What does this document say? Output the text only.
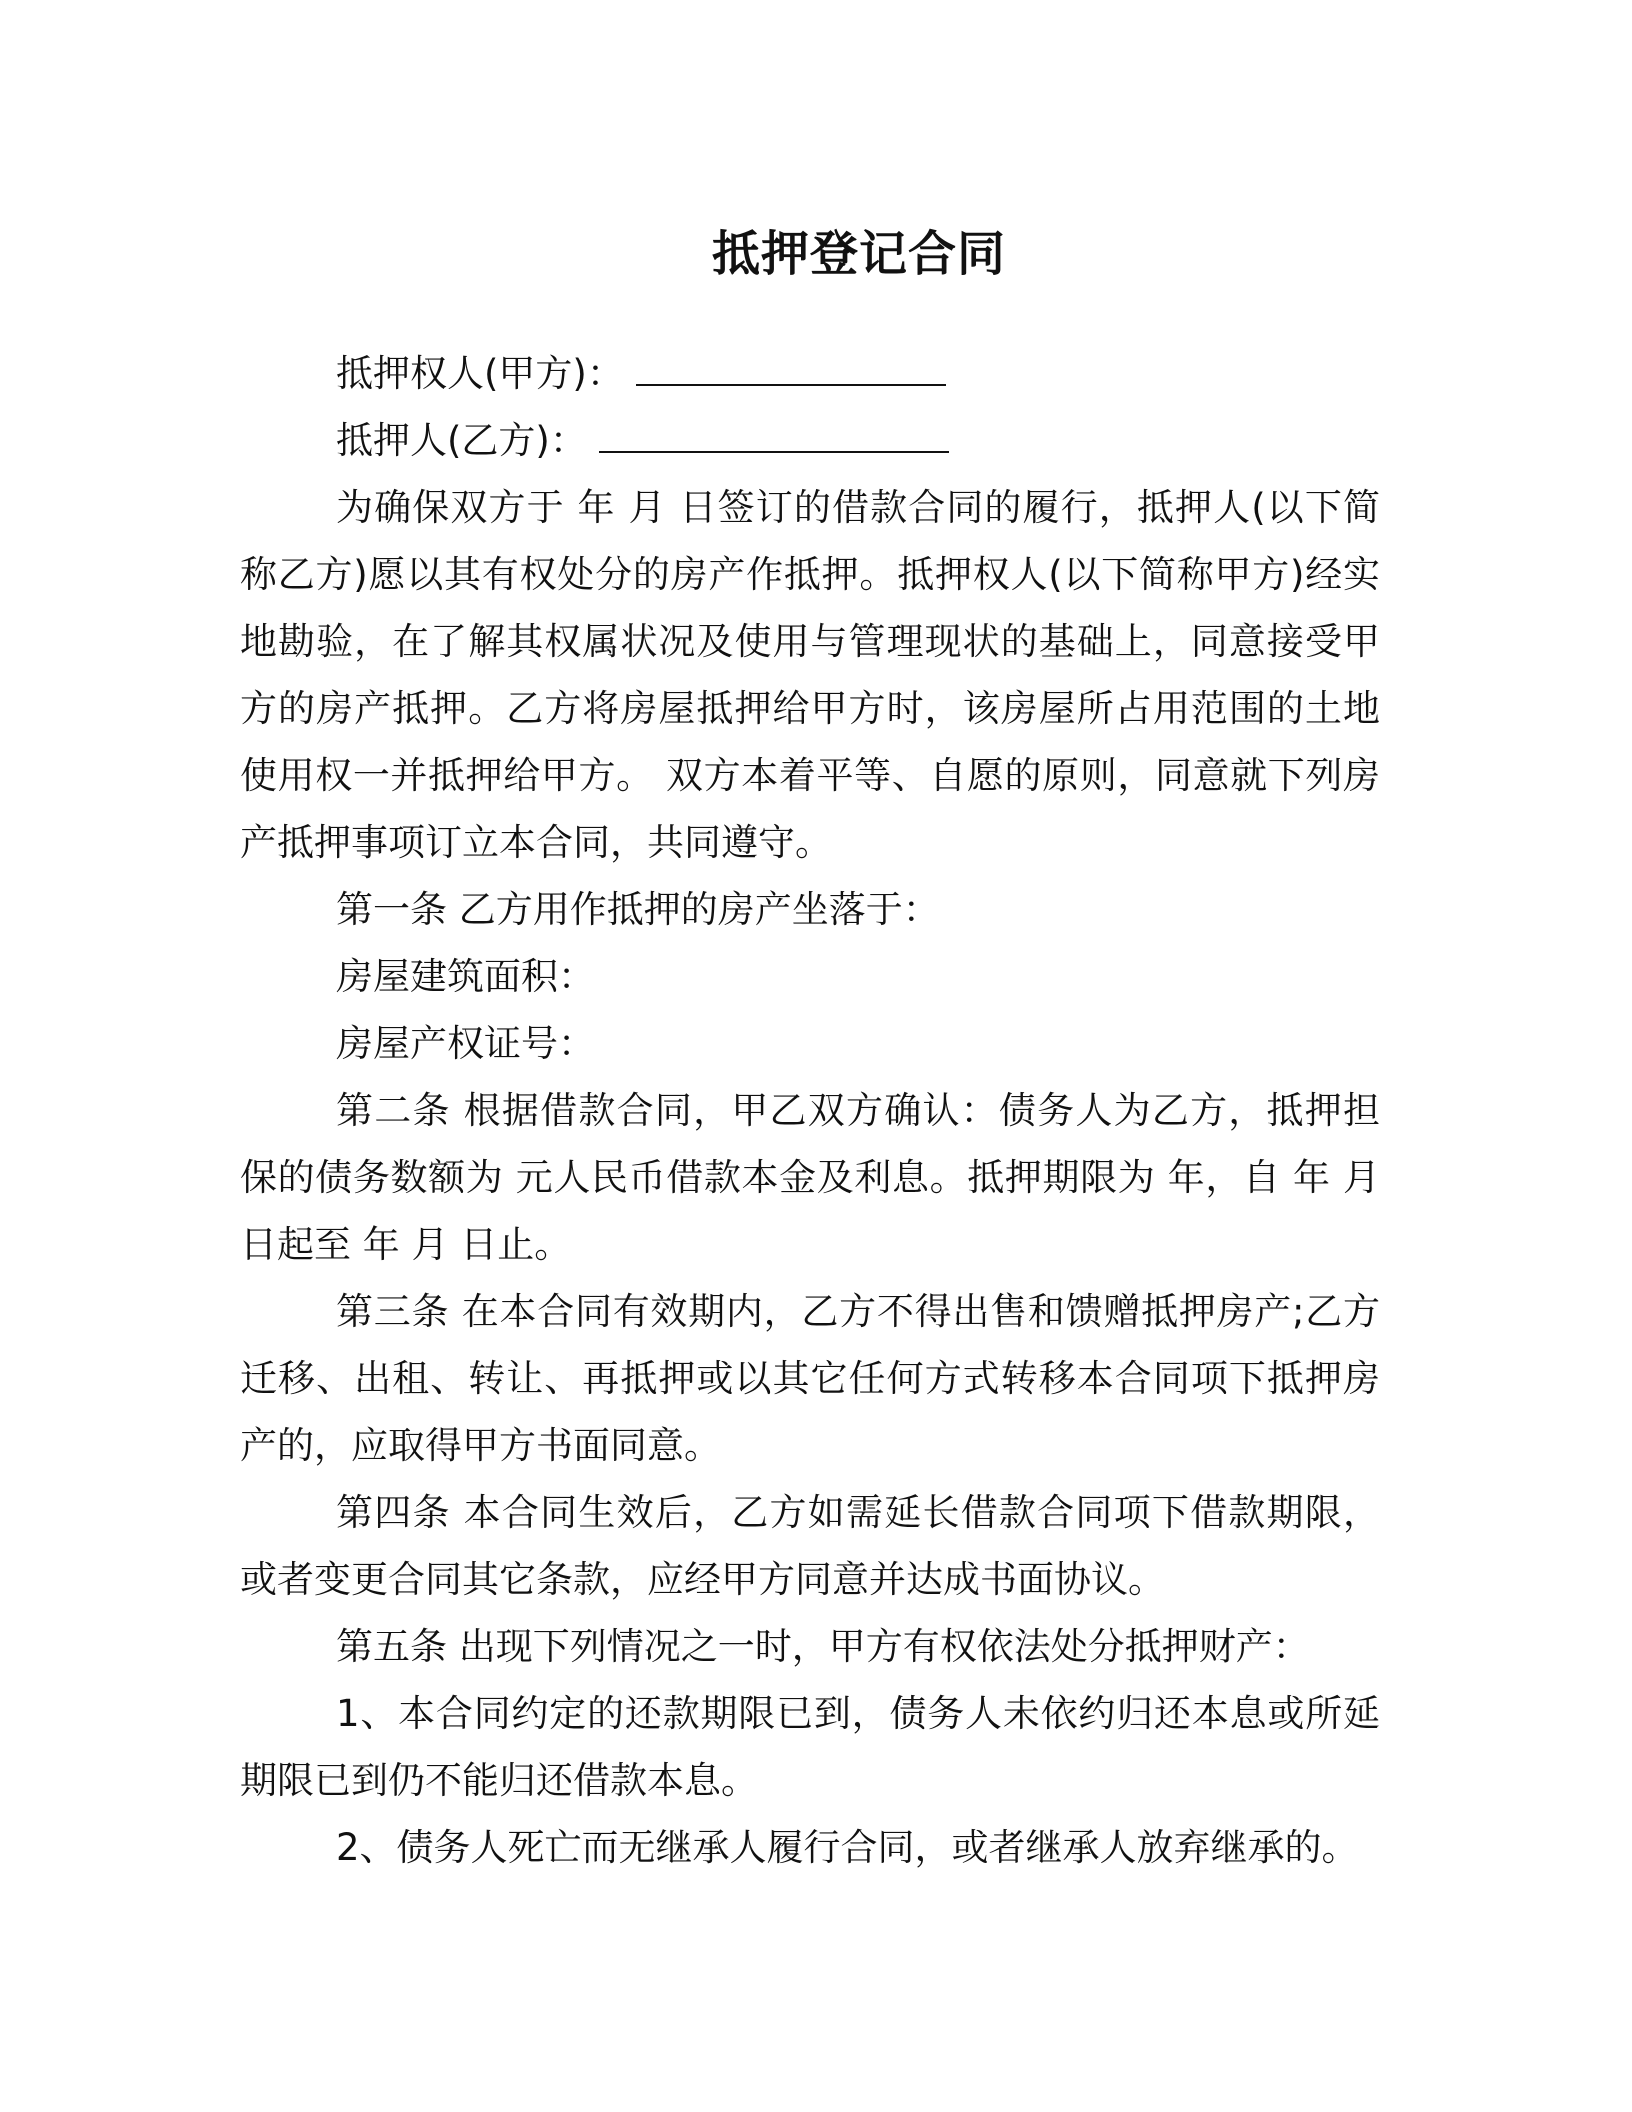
抵押登记合同

抵押权人(甲方)：

抵押人(乙方)：

为确保双方于 年 月 日签订的借款合同的履行，抵押人(以下简称乙方)愿以其有权处分的房产作抵押。抵押权人(以下简称甲方)经实地勘验，在了解其权属状况及使用与管理现状的基础上，同意接受甲方的房产抵押。乙方将房屋抵押给甲方时，该房屋所占用范围的土地使用权一并抵押给甲方。 双方本着平等、自愿的原则，同意就下列房产抵押事项订立本合同，共同遵守。

第一条 乙方用作抵押的房产坐落于：

房屋建筑面积：

房屋产权证号：

第二条 根据借款合同，甲乙双方确认：债务人为乙方，抵押担保的债务数额为 元人民币借款本金及利息。抵押期限为 年，自 年 月 日起至 年 月 日止。

第三条 在本合同有效期内，乙方不得出售和馈赠抵押房产;乙方迁移、出租、转让、再抵押或以其它任何方式转移本合同项下抵押房产的，应取得甲方书面同意。

第四条 本合同生效后，乙方如需延长借款合同项下借款期限，或者变更合同其它条款，应经甲方同意并达成书面协议。

第五条 出现下列情况之一时，甲方有权依法处分抵押财产：

1、本合同约定的还款期限已到，债务人未依约归还本息或所延期限已到仍不能归还借款本息。

2、债务人死亡而无继承人履行合同，或者继承人放弃继承的。
